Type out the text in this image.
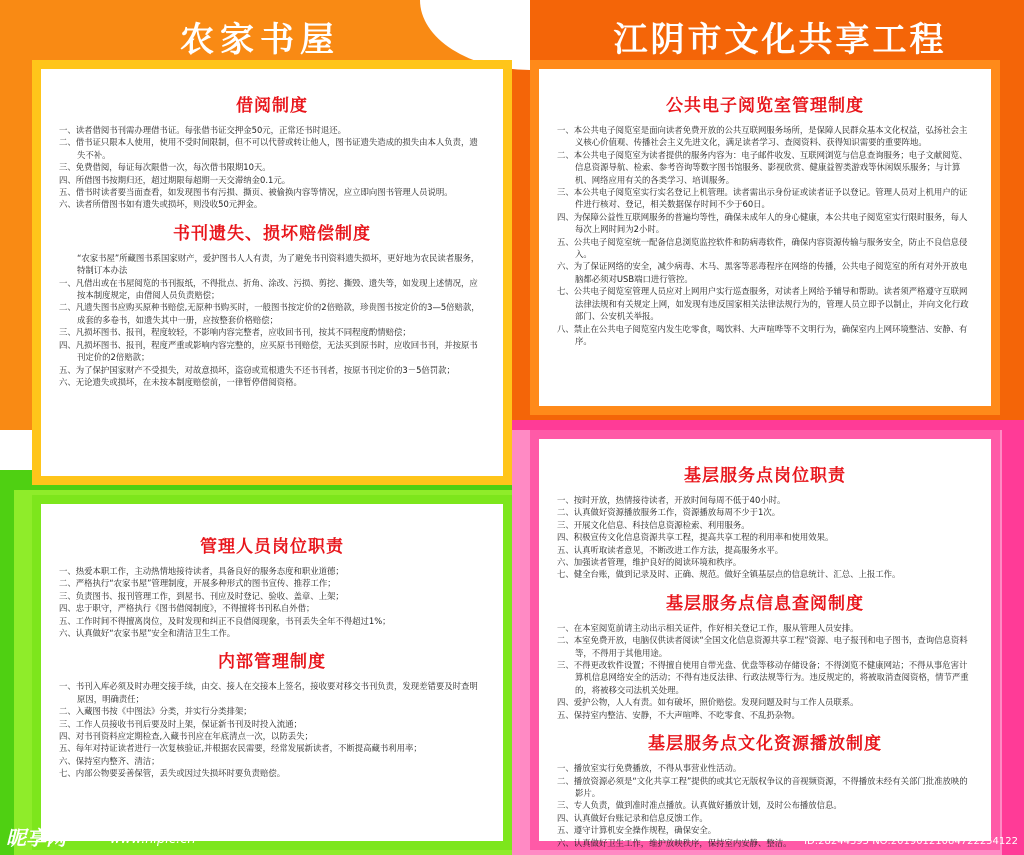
农家书屋	江阴市文化共享工程
借阅制度

一、读者借阅书刊需办理借书证。每张借书证交押金50元，正常还书时退还。

二、借书证只限本人使用，使用不受时间限制，但不可以代替或转让他人，图书证遗失造成的损失由本人负责，遗失不补。

三、免费借阅，每证每次限借一次，每次借书限期10天。

四、所借图书按期归还，超过期限每超期一天交滞纳金0.1元。

五、借书时读者要当面查看，如发现图书有污损、撕页、被偷换内容等情况，应立即向图书管理人员说明。

六、读者所借图书如有遗失或损坏，则没收50元押金。

书刊遗失、损坏赔偿制度

“农家书屋”所藏图书系国家财产，爱护图书人人有责，为了避免书刊资料遗失损坏，更好地为农民读者服务，特制订本办法

一、凡借出或在书屋阅览的书刊报纸，不得批点、折角、涂改、污损、剪挖、撕毁、遗失等，如发现上述情况，应按本制度规定，由借阅人员负责赔偿；

二、凡遗失图书应购买原种书赔偿,无原种书购买时，一般图书按定价的2倍赔款，珍贵图书按定价的3—5倍赔款，成套的多卷书，如遗失其中一册，应按整套价格赔偿；

三、凡损坏图书、报刊，程度较轻，不影响内容完整者，应收回书刊，按其不同程度酌情赔偿；

四、凡损坏图书、报刊，程度严重或影响内容完整的，应买原书刊赔偿，无法买到原书时，应收回书刊，并按原书刊定价的2倍赔款；

五、为了保护国家财产不受损失，对故意损坏，盗窃或荒根遗失不还书刊者，按原书刊定价的3－5倍罚款；

六、无论遗失或损坏，在未按本制度赔偿前，一律暂停借阅资格。

管理人员岗位职责

一、热爱本职工作，主动热情地接待读者，具备良好的服务态度和职业道德；

二、严格执行“农家书屋”管理制度，开展多种形式的图书宣传、推荐工作；

三、负责图书、报刊管理工作，到屋书、刊应及时登记、验收、盖章、上架；

四、忠于职守，严格执行《图书借阅制度》，不得擅将书刊私自外借；

五、工作时间不得擅离岗位，及时发现和纠正不良借阅现象，书刊丢失全年不得超过1%；

六、认真做好“农家书屋”安全和清洁卫生工作。

内部管理制度

一、书刊入库必须及时办理交接手续，由交、接人在交接本上签名，接收要对移交书刊负责，发现差错要及时查明原因，明确责任；

二、入藏图书按《中图法》分类，并实行分类排架；

三、工作人员接收书刊后要及时上架，保证新书刊及时投入流通；

四、对书刊资料应定期检查,入藏书刊应在年底清点一次，以防丢失；

五、每年对持证读者进行一次复核验证,并根据农民需要，经常发展新读者，不断提高藏书利用率；

六、保持室内整齐、清洁；

七、内部公物要妥善保管，丢失或因过失损坏时要负责赔偿。

公共电子阅览室管理制度

一、本公共电子阅览室是面向读者免费开放的公共互联网服务场所，是保障人民群众基本文化权益，弘扬社会主义核心价值观、传播社会主义先进文化，满足读者学习、查阅资料、获得知识需要的重要阵地。

二、本公共电子阅览室为读者提供的服务内容为：电子邮件收发、互联网浏览与信息查询服务；电子文献阅览、信息资源导航、检索、参考咨询等数字图书馆服务、影视欣赏、健康益智类游戏等休闲娱乐服务；与计算机、网络应用有关的各类学习、培训服务。

三、本公共电子阅览室实行实名登记上机管理。读者需出示身份证或读者证予以登记。管理人员对上机用户的证件进行核对、登记，相关数据保存时间不少于60日。

四、为保障公益性互联网服务的普遍均等性，确保未成年人的身心健康，本公共电子阅览室实行限时服务，每人每次上网时间为2小时。

五、公共电子阅览室统一配备信息浏览监控软件和防病毒软件，确保内容资源传输与服务安全，防止不良信息侵入。

六、为了保证网络的安全，减少病毒、木马、黑客等恶毒程序在网络的传播，公共电子阅览室的所有对外开放电脑都必须对USB端口进行管控。

七、公共电子阅览室管理人员应对上网用户实行巡查服务，对读者上网给予辅导和帮助。读者须严格遵守互联网法律法规和有关规定上网，如发现有违反国家相关法律法规行为的，管理人员立即予以制止，并向文化行政部门、公安机关举报。

八、禁止在公共电子阅览室内发生吃零食，喝饮料、大声喧哗等不文明行为，确保室内上网环境整洁、安静、有序。

基层服务点岗位职责

一、按时开放，热情接待读者，开放时间每周不低于40小时。

二、认真做好资源播放服务工作，资源播放每周不少于1次。

三、开展文化信息、科技信息资源检索、利用服务。

四、积极宣传文化信息资源共享工程，提高共享工程的利用率和使用效果。

五、认真听取读者意见，不断改进工作方法，提高服务水平。

六、加强读者管理，维护良好的阅读环境和秩序。

七、健全台账，做到记录及时、正确、规范。做好全镇基层点的信息统计、汇总、上报工作。

基层服务点信息查阅制度

一、在本室阅览前请主动出示相关证件，作好相关登记工作，服从管理人员安排。

二、本室免费开放，电脑仅供读者阅读“全国文化信息资源共享工程”资源、电子报刊和电子图书，查询信息资料等，不得用于其他用途。

三、不得更改软件设置；不得擅自使用自带光盘、优盘等移动存储设备；不得浏览不健康网站；不得从事危害计算机信息网络安全的活动；不得有违反法律、行政法规等行为。违反规定的，将被取消查阅资格，情节严重的，将被移交司法机关处理。

四、爱护公物，人人有责。如有破坏，照价赔偿。发现问题及时与工作人员联系。

五、保持室内整洁、安静，不大声喧哗、不吃零食、不乱扔杂物。

基层服务点文化资源播放制度

一、播放室实行免费播放，不得从事营业性活动。

二、播放资源必须是“文化共享工程”提供的或其它无版权争议的音视频资源，不得播放未经有关部门批准放映的影片。

三、专人负责，做到准时准点播放。认真做好播放计划，及时公布播放信息。

四、认真做好台账记录和信息反馈工作。

五、遵守计算机安全操作规程，确保安全。

六、认真做好卫生工作，维护放映秩序，保持室内安静、整洁。

昵享网	www.nipic.cn	ID:28244395 NO:20190121084722254122
